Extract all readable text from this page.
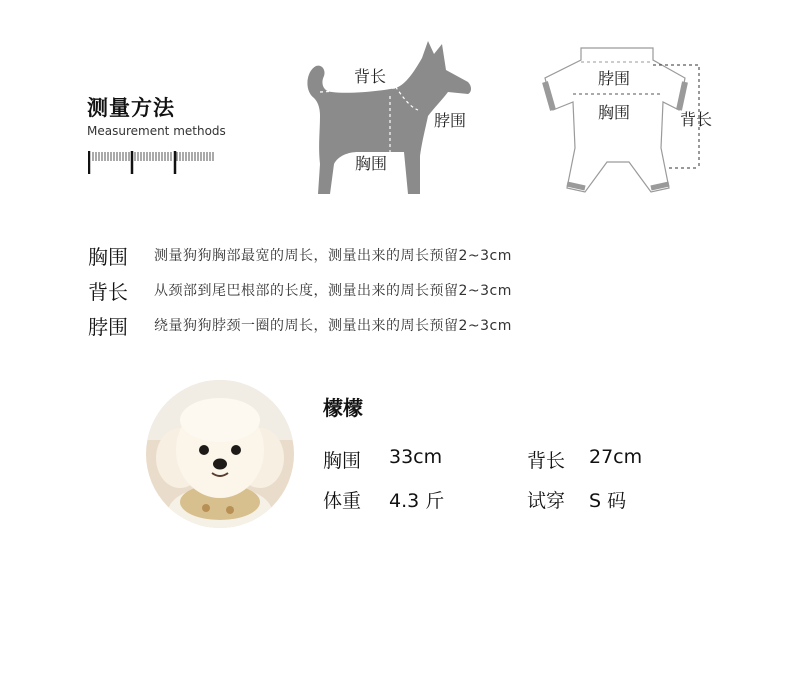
测量方法
Measurement methods
背长
脖围
胸围
脖围
胸围	背长
胸围	测量狗狗胸部最宽的周长，测量出来的周长预留2~3cm
背长	从颈部到尾巴根部的长度，测量出来的周长预留2~3cm
脖围	绕量狗狗脖颈一圈的周长，测量出来的周长预留2~3cm
檬檬
胸围	33cm	背长	27cm
体重	4.3 斤	试穿	S 码
